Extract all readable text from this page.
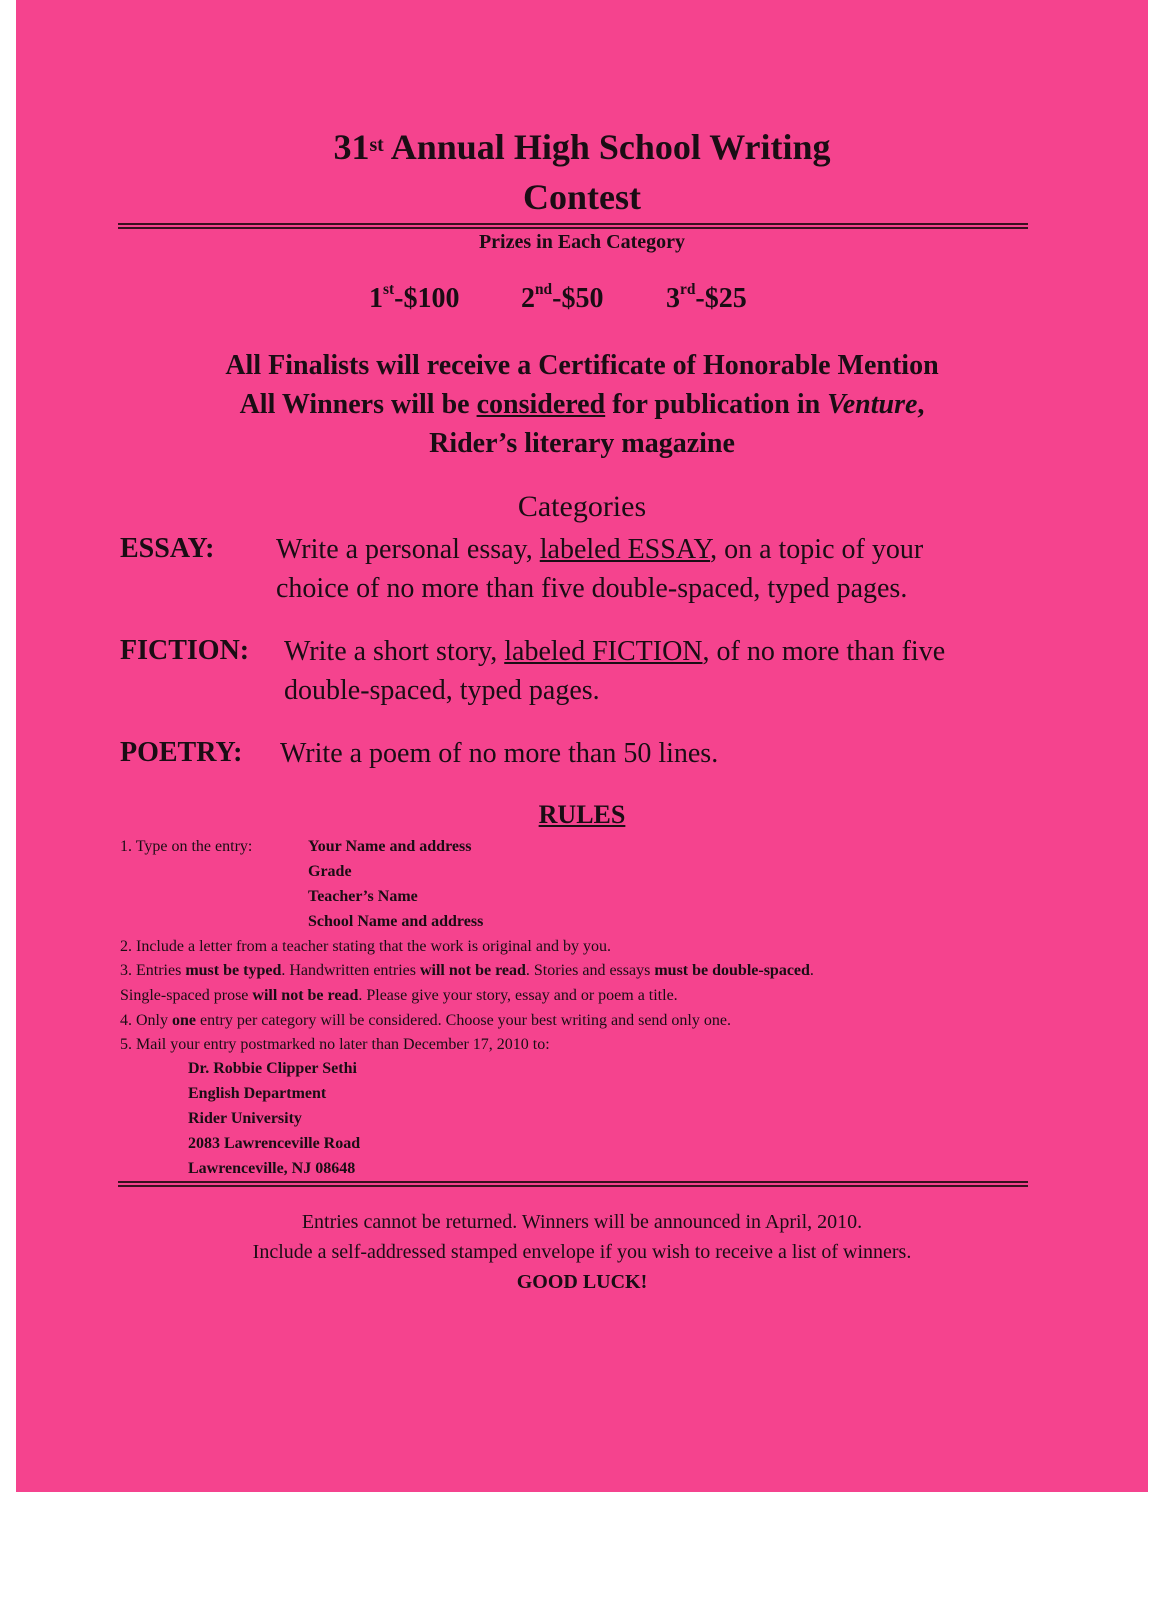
31st Annual High School Writing
Contest
Prizes in Each Category
1st-$100 2nd-$50 3rd-$25
All Finalists will receive a Certificate of Honorable Mention
All Winners will be considered for publication in Venture,
Rider’s literary magazine
Categories
ESSAY: Write a personal essay, labeled ESSAY, on a topic of your
choice of no more than five double-spaced, typed pages.
FICTION: Write a short story, labeled FICTION, of no more than five
double-spaced, typed pages.
POETRY: Write a poem of no more than 50 lines.
RULES
1. Type on the entry:	Your Name and address
Grade
Teacher’s Name
School Name and address
2. Include a letter from a teacher stating that the work is original and by you.
3. Entries must be typed. Handwritten entries will not be read. Stories and essays must be double-spaced.
Single-spaced prose will not be read. Please give your story, essay and or poem a title.
4. Only one entry per category will be considered. Choose your best writing and send only one.
5. Mail your entry postmarked no later than December 17, 2010 to:
Dr. Robbie Clipper Sethi
English Department
Rider University
2083 Lawrenceville Road
Lawrenceville, NJ 08648
Entries cannot be returned. Winners will be announced in April, 2010.
Include a self-addressed stamped envelope if you wish to receive a list of winners.
GOOD LUCK!
